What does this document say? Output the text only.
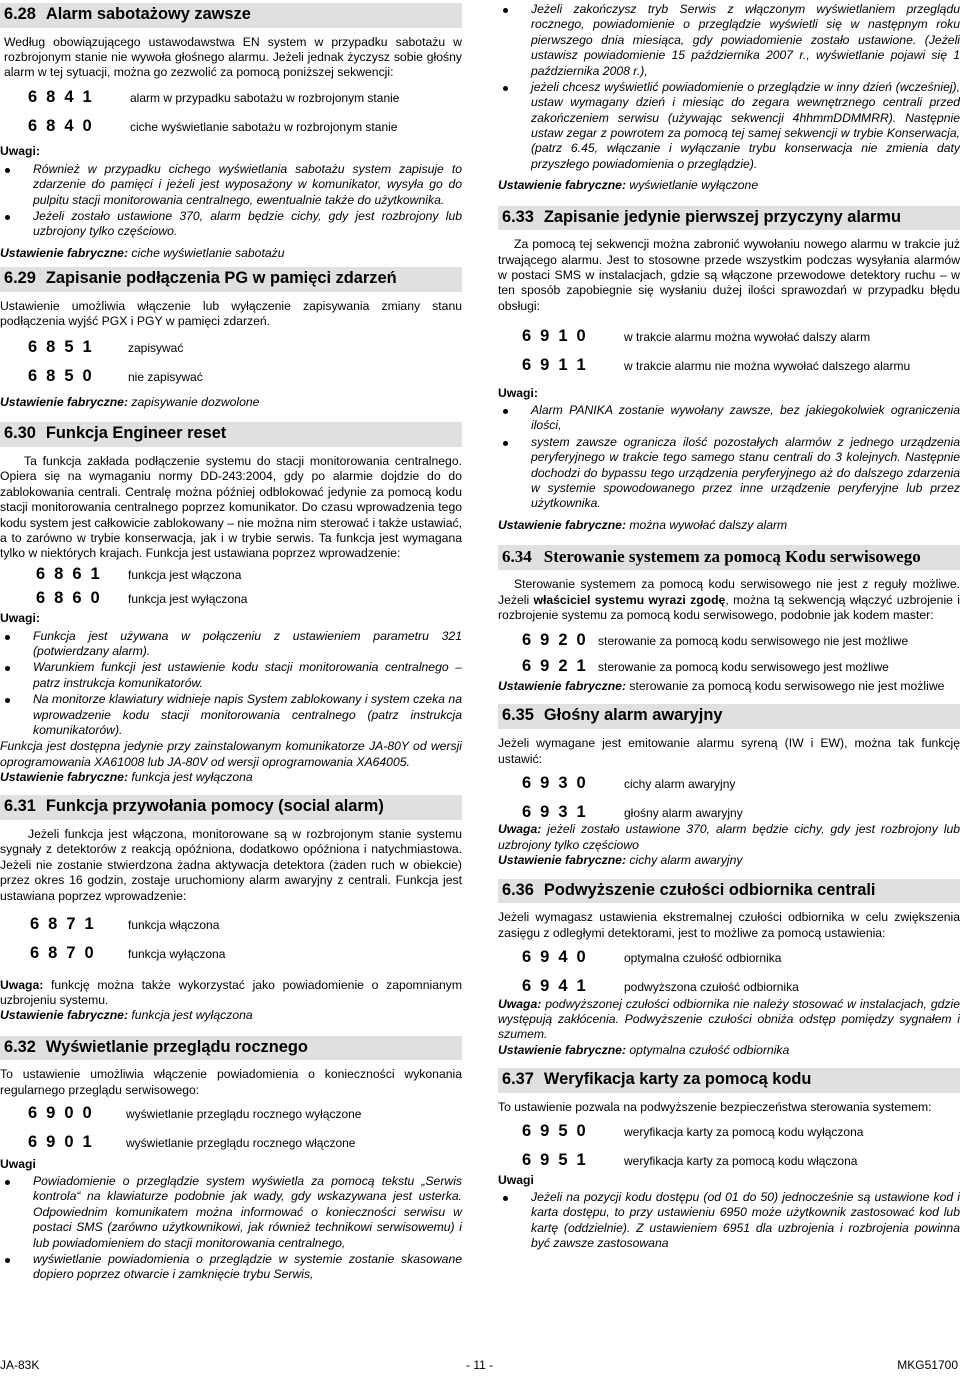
6.28 Alarm sabotażowy zawsze

Według obowiązującego ustawodawstwa EN system w przypadku sabotażu w rozbrojonym stanie nie wywoła głośnego alarmu. Jeżeli jednak życzysz sobie głośny alarm w tej sytuacji, można go zezwolić za pomocą poniższej sekwencji:

6 8 4 1	alarm w przypadku sabotażu w rozbrojonym stanie
6 8 4 0	ciche wyświetlanie sabotażu w rozbrojonym stanie
Uwagi:
Również w przypadku cichego wyświetlania sabotażu system zapisuje to zdarzenie do pamięci i jeżeli jest wyposażony w komunikator, wysyła go do pulpitu stacji monitorowania centralnego, ewentualnie także do użytkownika.
Jeżeli zostało ustawione 370, alarm będzie cichy, gdy jest rozbrojony lub uzbrojony tylko częściowo.

Ustawienie fabryczne: ciche wyświetlanie sabotażu

6.29 Zapisanie podłączenia PG w pamięci zdarzeń

Ustawienie umożliwia włączenie lub wyłączenie zapisywania zmiany stanu podłączenia wyjść PGX i PGY w pamięci zdarzeń.

6 8 5 1	zapisywać
6 8 5 0	nie zapisywać

Ustawienie fabryczne: zapisywanie dozwolone

6.30 Funkcja Engineer reset

Ta funkcja zakłada podłączenie systemu do stacji monitorowania centralnego. Opiera się na wymaganiu normy DD-243:2004, gdy po alarmie dojdzie do do zablokowania centrali. Centralę można później odblokować jedynie za pomocą kodu stacji monitorowania centralnego poprzez komunikator. Do czasu wprowadzenia tego kodu system jest całkowicie zablokowany – nie można nim sterować i także ustawiać, a to zarówno w trybie konserwacja, jak i w trybie serwis. Ta funkcja jest wymagana tylko w niektórych krajach. Funkcja jest ustawiana poprzez wprowadzenie:

6 8 6 1	funkcja jest włączona
6 8 6 0	funkcja jest wyłączona
Uwagi:
Funkcja jest używana w połączeniu z ustawieniem parametru 321 (potwierdzany alarm).
Warunkiem funkcji jest ustawienie kodu stacji monitorowania centralnego – patrz instrukcja komunikatorów.
Na monitorze klawiatury widnieje napis System zablokowany i system czeka na wprowadzenie kodu stacji monitorowania centralnego (patrz instrukcja komunikatorów).

Funkcja jest dostępna jedynie przy zainstalowanym komunikatorze JA-80Y od wersji oprogramowania XA61008 lub JA-80V od wersji oprogramowania XA64005.

Ustawienie fabryczne: funkcja jest wyłączona

6.31 Funkcja przywołania pomocy (social alarm)

Jeżeli funkcja jest włączona, monitorowane są w rozbrojonym stanie systemu sygnały z detektorów z reakcją opóźniona, dodatkowo opóźniona i natychmiastowa. Jeżeli nie zostanie stwierdzona żadna aktywacja detektora (żaden ruch w obiekcie) przez okres 16 godzin, zostaje uruchomiony alarm awaryjny z centrali. Funkcja jest ustawiana poprzez wprowadzenie:

6 8 7 1	funkcja włączona
6 8 7 0	funkcja wyłączona

Uwaga: funkcję można także wykorzystać jako powiadomienie o zapomnianym uzbrojeniu systemu.

Ustawienie fabryczne: funkcja jest wyłączona

6.32 Wyświetlanie przeglądu rocznego

To ustawienie umożliwia włączenie powiadomienia o konieczności wykonania regularnego przeglądu serwisowego:

6 9 0 0	wyświetlanie przeglądu rocznego wyłączone
6 9 0 1	wyświetlanie przeglądu rocznego włączone
Uwagi
Powiadomienie o przeglądzie system wyświetla za pomocą tekstu „Serwis kontrola“ na klawiaturze podobnie jak wady, gdy wskazywana jest usterka. Odpowiednim komunikatem można informować o konieczności serwisu w postaci SMS (zarówno użytkownikowi, jak również technikowi serwisowemu) i lub powiadomieniem do stacji monitorowania centralnego,
wyświetlanie powiadomienia o przeglądzie w systemie zostanie skasowane dopiero poprzez otwarcie i zamknięcie trybu Serwis,
Jeżeli zakończysz tryb Serwis z włączonym wyświetlaniem przeglądu rocznego, powiadomienie o przeglądzie wyświetli się w następnym roku pierwszego dnia miesiąca, gdy powiadomienie zostało ustawione. (Jeżeli ustawisz powiadomienie 15 października 2007 r., wyświetlanie pojawi się 1 października 2008 r.),
jeżeli chcesz wyświetlić powiadomienie o przeglądzie w inny dzień (wcześniej), ustaw wymagany dzień i miesiąc do zegara wewnętrznego centrali przed zakończeniem serwisu (używając sekwencji 4hhmmDDMMRR). Następnie ustaw zegar z powrotem za pomocą tej samej sekwencji w trybie Konserwacja, (patrz 6.45, włączanie i wyłączanie trybu konserwacja nie zmienia daty przyszłego powiadomienia o przeglądzie).

Ustawienie fabryczne: wyświetlanie wyłączone

6.33 Zapisanie jedynie pierwszej przyczyny alarmu

Za pomocą tej sekwencji można zabronić wywołaniu nowego alarmu w trakcie już trwającego alarmu. Jest to stosowne przede wszystkim podczas wysyłania alarmów w postaci SMS w instalacjach, gdzie są włączone przewodowe detektory ruchu – w ten sposób zapobiegnie się wysłaniu dużej ilości sprawozdań w przypadku błędu obsługi:

6 9 1 0	w trakcie alarmu można wywołać dalszy alarm
6 9 1 1	w trakcie alarmu nie można wywołać dalszego alarmu
Uwagi:
Alarm PANIKA zostanie wywołany zawsze, bez jakiegokolwiek ograniczenia ilości,
system zawsze ogranicza ilość pozostałych alarmów z jednego urządzenia peryferyjnego w trakcie tego samego stanu centrali do 3 kolejnych. Następnie dochodzi do bypassu tego urządzenia peryferyjnego aż do dalszego zdarzenia w systemie spowodowanego przez inne urządzenie peryferyjne lub przez użytkownika.

Ustawienie fabryczne: można wywołać dalszy alarm

6.34 Sterowanie systemem za pomocą Kodu serwisowego

Sterowanie systemem za pomocą kodu serwisowego nie jest z reguły możliwe. Jeżeli właściciel systemu wyrazi zgodę, można tą sekwencją włączyć uzbrojenie i rozbrojenie systemu za pomocą kodu serwisowego, podobnie jak kodem master:

6 9 2 0 sterowanie za pomocą kodu serwisowego nie jest możliwe
6 9 2 1 sterowanie za pomocą kodu serwisowego jest możliwe

Ustawienie fabryczne: sterowanie za pomocą kodu serwisowego nie jest możliwe

6.35 Głośny alarm awaryjny

Jeżeli wymagane jest emitowanie alarmu syreną (IW i EW), można tak funkcję ustawić:

6 9 3 0	cichy alarm awaryjny
6 9 3 1	głośny alarm awaryjny

Uwaga: jeżeli zostało ustawione 370, alarm będzie cichy, gdy jest rozbrojony lub uzbrojony tylko częściowo

Ustawienie fabryczne: cichy alarm awaryjny

6.36 Podwyższenie czułości odbiornika centrali

Jeżeli wymagasz ustawienia ekstremalnej czułości odbiornika w celu zwiększenia zasięgu z odległymi detektorami, jest to możliwe za pomocą ustawienia:

6 9 4 0	optymalna czułość odbiornika
6 9 4 1	podwyższona czułość odbiornika

Uwaga: podwyższonej czułości odbiornika nie należy stosować w instalacjach, gdzie występują zakłócenia. Podwyższenie czułości obniża odstęp pomiędzy sygnałem i szumem.

Ustawienie fabryczne: optymalna czułość odbiornika

6.37 Weryfikacja karty za pomocą kodu

To ustawienie pozwala na podwyższenie bezpieczeństwa sterowania systemem:

6 9 5 0	weryfikacja karty za pomocą kodu wyłączona
6 9 5 1	weryfikacja karty za pomocą kodu włączona
Uwagi
Jeżeli na pozycji kodu dostępu (od 01 do 50) jednocześnie są ustawione kod i karta dostępu, to przy ustawieniu 6950 może użytkownik zastosować kod lub kartę (oddzielnie). Z ustawieniem 6951 dla uzbrojenia i rozbrojenia powinna być zawsze zastosowana
JA-83K	- 11 -	MKG51700
